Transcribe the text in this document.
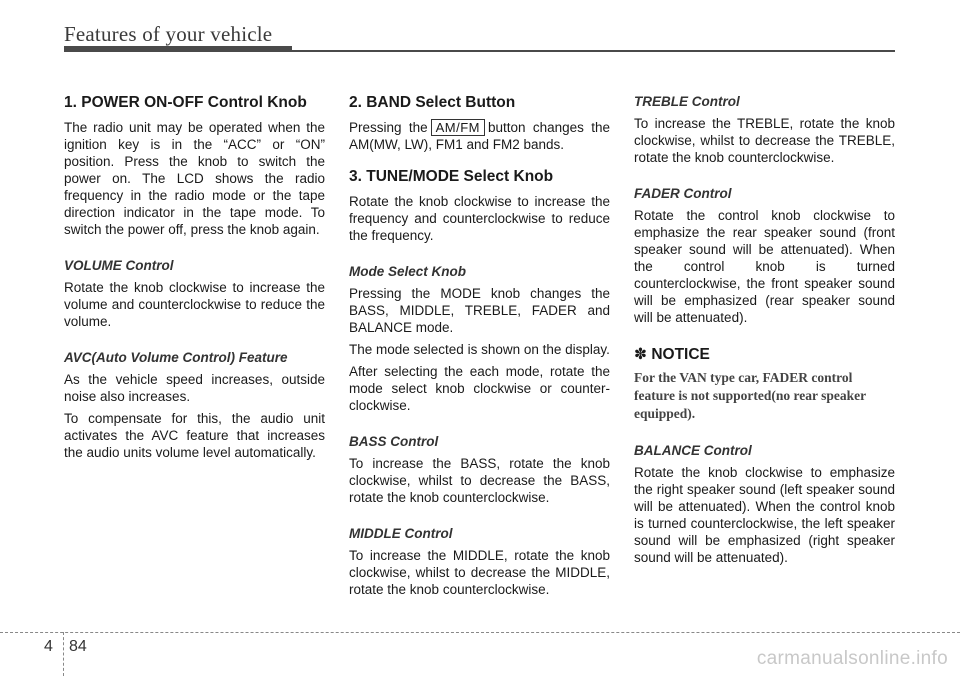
Features of your vehicle
1. POWER ON-OFF Control Knob

The radio unit may be operated when the ignition key is in the “ACC” or “ON” position. Press the knob to switch the power on. The LCD shows the radio frequency in the radio mode or the tape direction indicator in the tape mode. To switch the power off, press the knob again.

VOLUME Control

Rotate the knob clockwise to increase the volume and counterclockwise to reduce the volume.

AVC(Auto Volume Control) Feature

As the vehicle speed increases, outside noise also increases.

To compensate for this, the audio unit activates the AVC feature that increases the audio units volume level automatically.

2. BAND Select Button

Pressing the AM/FM button changes the AM(MW, LW), FM1 and FM2 bands.

3. TUNE/MODE Select Knob

Rotate the knob clockwise to increase the frequency and counterclockwise to reduce the frequency.

Mode Select Knob

Pressing the MODE knob changes the BASS, MIDDLE, TREBLE, FADER and BALANCE mode.

The mode selected is shown on the display.

After selecting the each mode, rotate the mode select knob clockwise or counter-clockwise.

BASS Control

To increase the BASS, rotate the knob clockwise, whilst to decrease the BASS, rotate the knob counterclockwise.

MIDDLE Control

To increase the MIDDLE, rotate the knob clockwise, whilst to decrease the MIDDLE, rotate the knob counterclockwise.

TREBLE Control

To increase the TREBLE, rotate the knob clockwise, whilst to decrease the TREBLE, rotate the knob counterclockwise.

FADER Control

Rotate the control knob clockwise to emphasize the rear speaker sound (front speaker sound will be attenuated). When the control knob is turned counterclockwise, the front speaker sound will be emphasized (rear speaker sound will be attenuated).

✽ NOTICE
For the VAN type car, FADER control feature is not supported(no rear speaker equipped).
BALANCE Control

Rotate the knob clockwise to emphasize the right speaker sound (left speaker sound will be attenuated). When the control knob is turned counterclockwise, the left speaker sound will be emphasized (right speaker sound will be attenuated).

4 84
carmanualsonline.info
